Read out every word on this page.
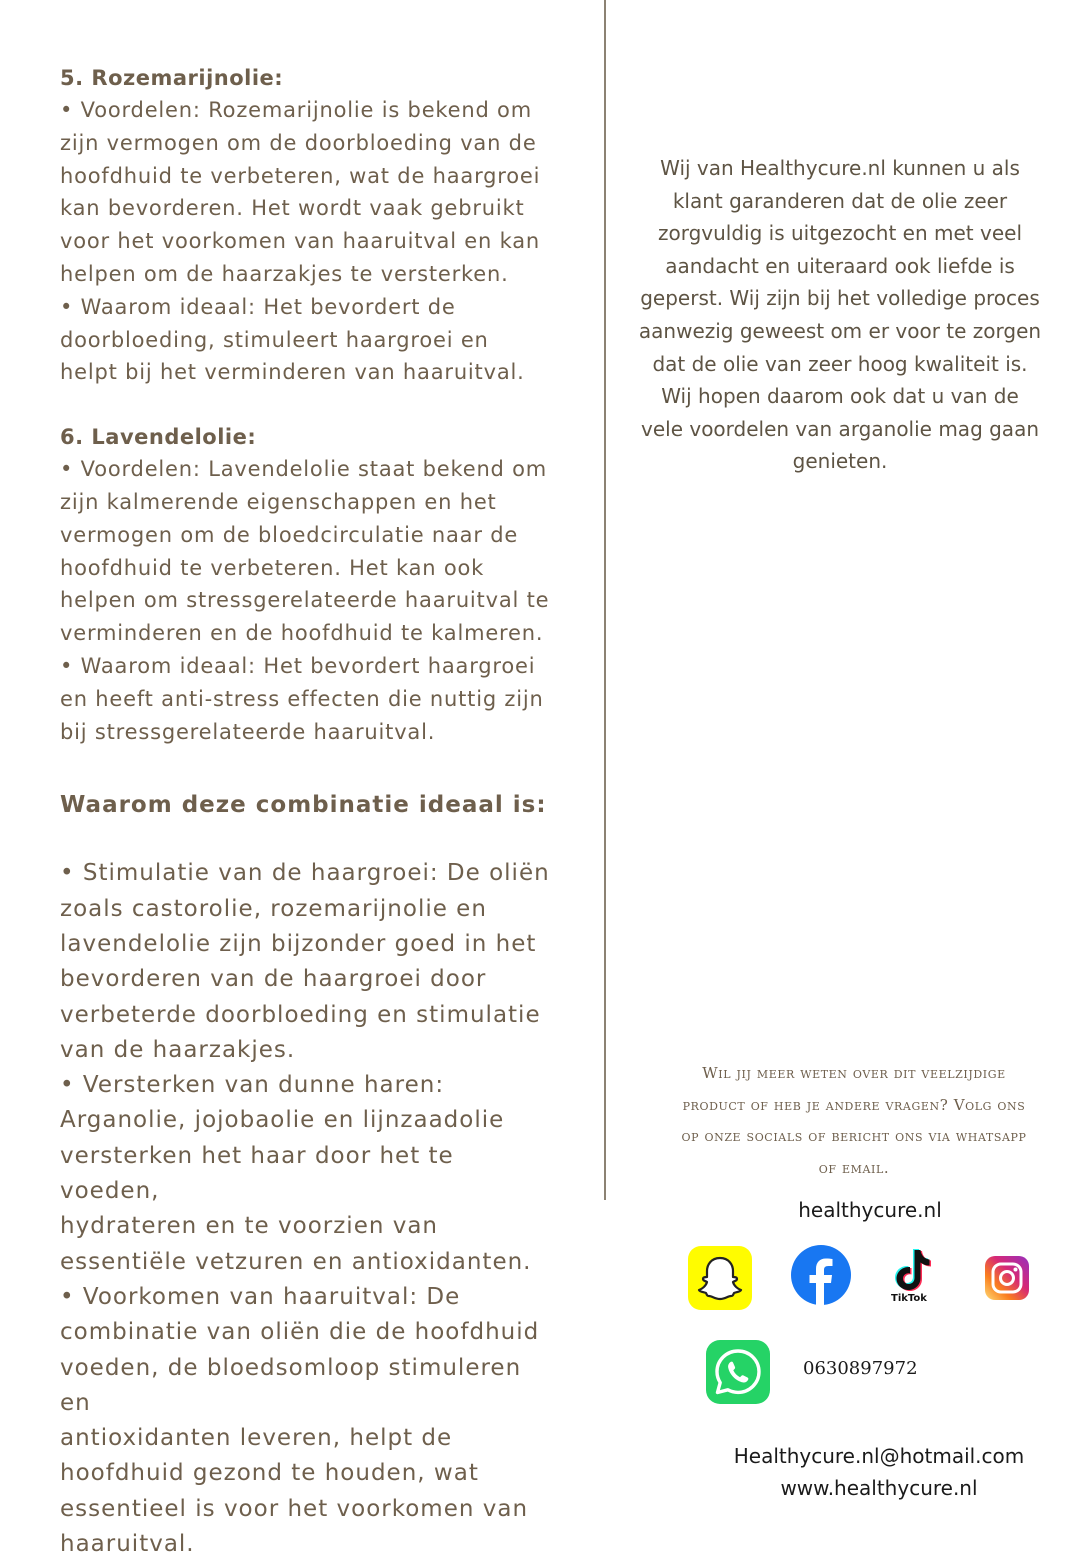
5. Rozemarijnolie:
• Voordelen: Rozemarijnolie is bekend om
zijn vermogen om de doorbloeding van de
hoofdhuid te verbeteren, wat de haargroei
kan bevorderen. Het wordt vaak gebruikt
voor het voorkomen van haaruitval en kan
helpen om de haarzakjes te versterken.
• Waarom ideaal: Het bevordert de
doorbloeding, stimuleert haargroei en
helpt bij het verminderen van haaruitval.
6. Lavendelolie:
• Voordelen: Lavendelolie staat bekend om
zijn kalmerende eigenschappen en het
vermogen om de bloedcirculatie naar de
hoofdhuid te verbeteren. Het kan ook
helpen om stressgerelateerde haaruitval te
verminderen en de hoofdhuid te kalmeren.
• Waarom ideaal: Het bevordert haargroei
en heeft anti-stress effecten die nuttig zijn
bij stressgerelateerde haaruitval.
Waarom deze combinatie ideaal is:
• Stimulatie van de haargroei: De oliën
zoals castorolie, rozemarijnolie en
lavendelolie zijn bijzonder goed in het
bevorderen van de haargroei door
verbeterde doorbloeding en stimulatie
van de haarzakjes.
• Versterken van dunne haren:
Arganolie, jojobaolie en lijnzaadolie
versterken het haar door het te voeden,
hydrateren en te voorzien van
essentiële vetzuren en antioxidanten.
• Voorkomen van haaruitval: De
combinatie van oliën die de hoofdhuid
voeden, de bloedsomloop stimuleren en
antioxidanten leveren, helpt de
hoofdhuid gezond te houden, wat
essentieel is voor het voorkomen van
haaruitval.
Wij van Healthycure.nl kunnen u als
klant garanderen dat de olie zeer
zorgvuldig is uitgezocht en met veel
aandacht en uiteraard ook liefde is
geperst. Wij zijn bij het volledige proces
aanwezig geweest om er voor te zorgen
dat de olie van zeer hoog kwaliteit is.
Wij hopen daarom ook dat u van de
vele voordelen van arganolie mag gaan
genieten.
Wil jij meer weten over dit veelzijdige
product of heb je andere vragen? Volg ons
op onze socials of bericht ons via whatsapp
of email.
healthycure.nl
TikTok
0630897972
Healthycure.nl@hotmail.com
www.healthycure.nl
